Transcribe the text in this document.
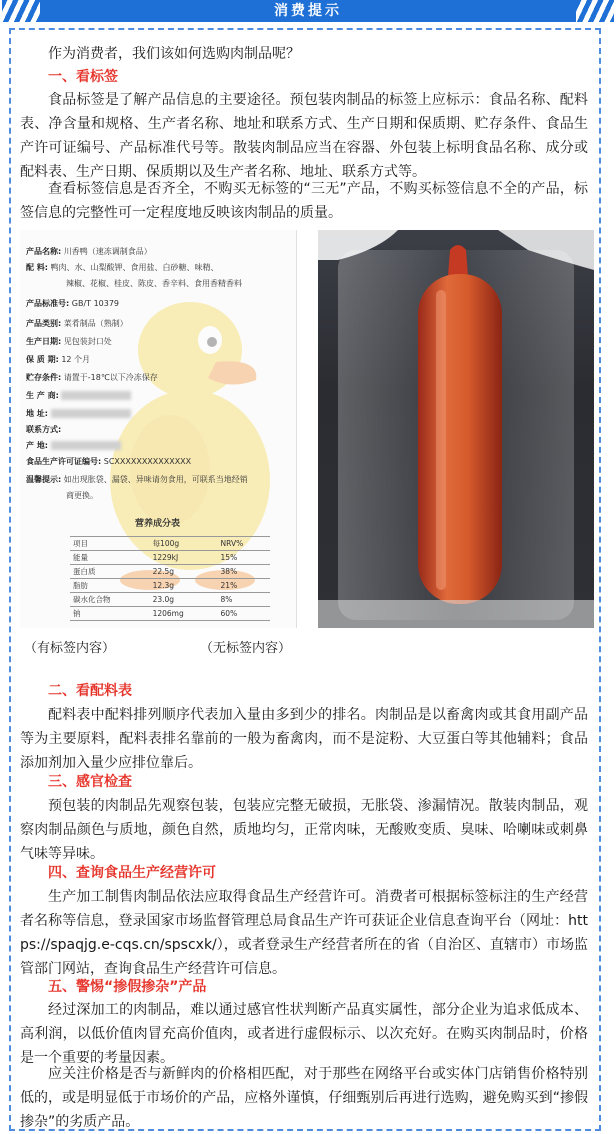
消费提示

作为消费者，我们该如何选购肉制品呢？

一、看标签

食品标签是了解产品信息的主要途径。预包装肉制品的标签上应标示：食品名称、配料表、净含量和规格、生产者名称、地址和联系方式、生产日期和保质期、贮存条件、食品生产许可证编号、产品标准代号等。散装肉制品应当在容器、外包装上标明食品名称、成分或配料表、生产日期、保质期以及生产者名称、地址、联系方式等。

查看标签信息是否齐全，不购买无标签的“三无”产品，不购买标签信息不全的产品，标签信息的完整性可一定程度地反映该肉制品的质量。

产品名称: 川香鸭（速冻调制食品）
配 料: 鸭肉、水、山梨酸钾、食用盐、白砂糖、味精、
辣椒、花椒、桂皮、陈皮、香辛料、食用香精香料
产品标准号: GB/T 10379
产品类别: 菜肴制品（熟制）
生产日期: 见包装封口处
保 质 期: 12 个月
贮存条件: 请置于-18℃以下冷冻保存
生 产 商:
地 址:
联系方式:
产 地:
食品生产许可证编号: SCXXXXXXXXXXXXXX
温馨提示: 如出现胀袋、漏袋、异味请勿食用，可联系当地经销
商更换。
营养成分表
项目	每100g	NRV%
能量	1229kJ	15%
蛋白质	22.5g	38%
脂肪	12.3g	21%
碳水化合物	23.0g	8%
钠	1206mg	60%
（有标签内容）	（无标签内容）

二、看配料表

配料表中配料排列顺序代表加入量由多到少的排名。肉制品是以畜禽肉或其食用副产品等为主要原料，配料表排名靠前的一般为畜禽肉，而不是淀粉、大豆蛋白等其他辅料；食品添加剂加入量少应排位靠后。

三、感官检查

预包装的肉制品先观察包装，包装应完整无破损，无胀袋、渗漏情况。散装肉制品，观察肉制品颜色与质地，颜色自然，质地均匀，正常肉味，无酸败变质、臭味、哈喇味或刺鼻气味等异味。

四、查询食品生产经营许可

生产加工制售肉制品依法应取得食品生产经营许可。消费者可根据标签标注的生产经营者名称等信息，登录国家市场监督管理总局食品生产许可获证企业信息查询平台（网址：https://spaqjg.e-cqs.cn/spscxk/），或者登录生产经营者所在的省（自治区、直辖市）市场监管部门网站，查询食品生产经营许可信息。

五、警惕“掺假掺杂”产品

经过深加工的肉制品，难以通过感官性状判断产品真实属性，部分企业为追求低成本、高利润，以低价值肉冒充高价值肉，或者进行虚假标示、以次充好。在购买肉制品时，价格是一个重要的考量因素。

应关注价格是否与新鲜肉的价格相匹配，对于那些在网络平台或实体门店销售价格特别低的，或是明显低于市场价的产品，应格外谨慎，仔细甄别后再进行选购，避免购买到“掺假掺杂”的劣质产品。
